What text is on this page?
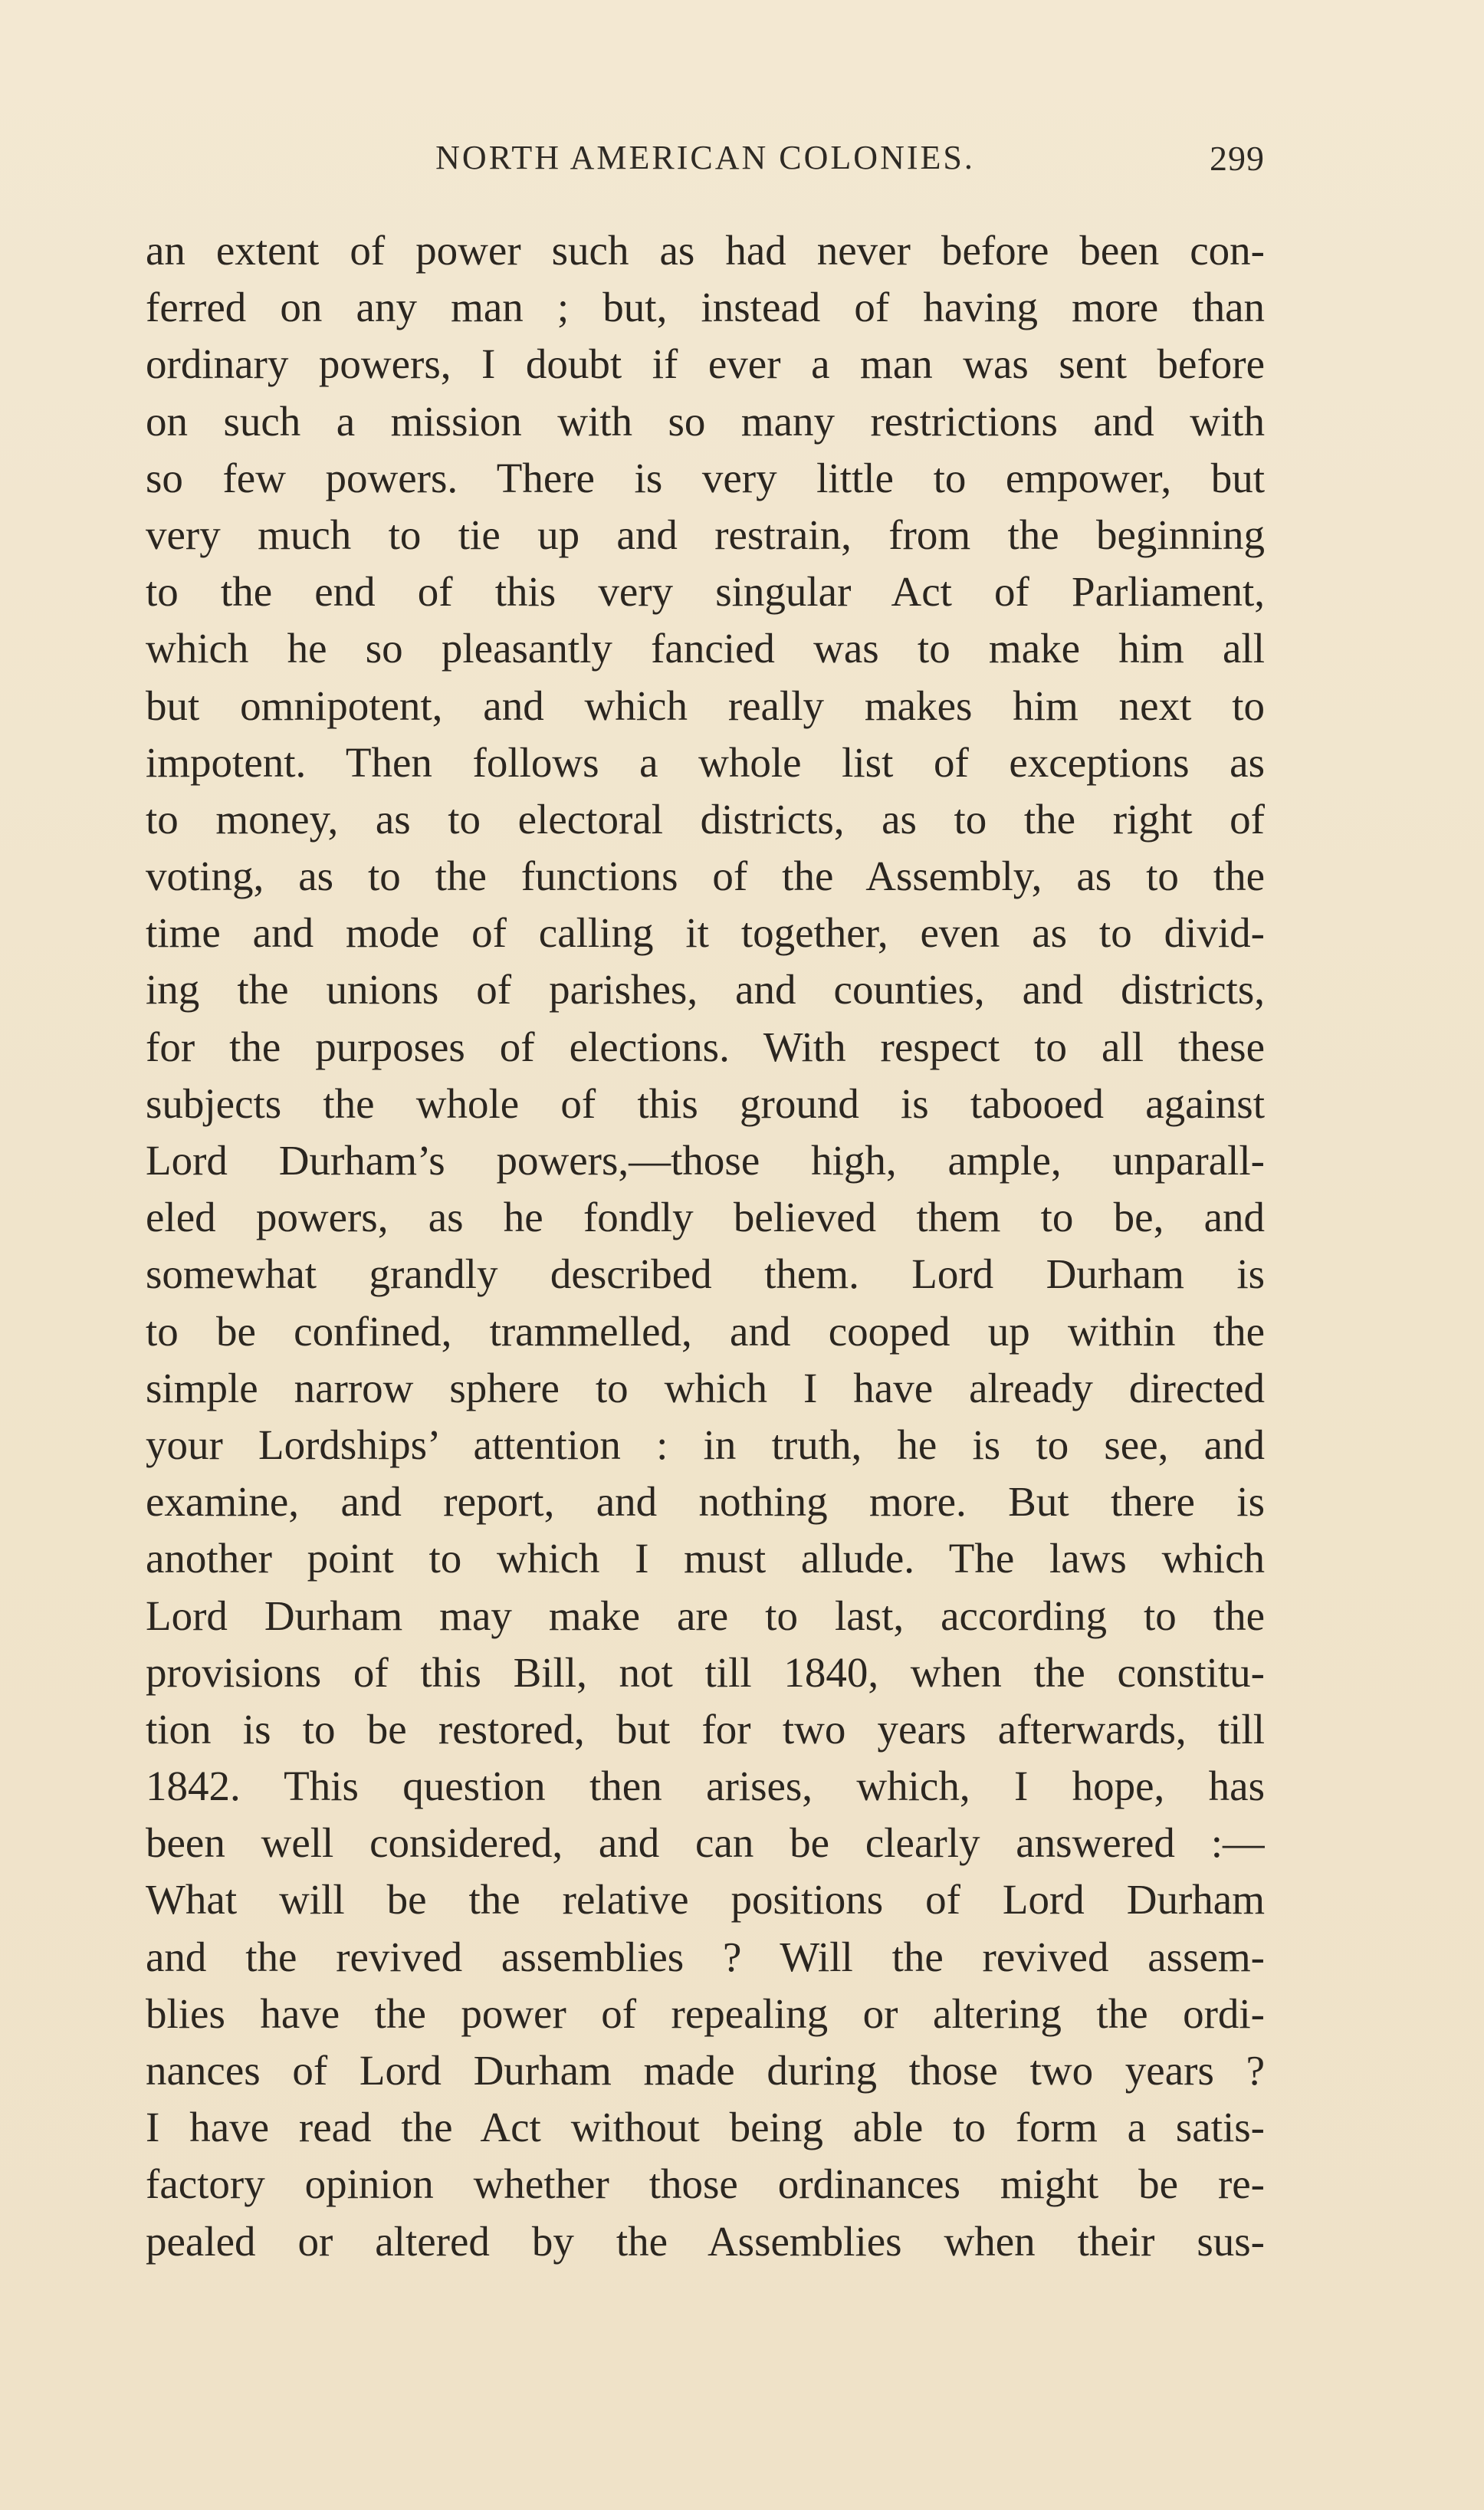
NORTH AMERICAN COLONIES.	299
an extent of power such as had never before been con-
ferred on any man ; but, instead of having more than
ordinary powers, I doubt if ever a man was sent before
on such a mission with so many restrictions and with
so few powers. There is very little to empower, but
very much to tie up and restrain, from the beginning
to the end of this very singular Act of Parliament,
which he so pleasantly fancied was to make him all
but omnipotent, and which really makes him next to
impotent. Then follows a whole list of exceptions as
to money, as to electoral districts, as to the right of
voting, as to the functions of the Assembly, as to the
time and mode of calling it together, even as to divid-
ing the unions of parishes, and counties, and districts,
for the purposes of elections. With respect to all these
subjects the whole of this ground is tabooed against
Lord Durham’s powers,—those high, ample, unparall-
eled powers, as he fondly believed them to be, and
somewhat grandly described them. Lord Durham is
to be confined, trammelled, and cooped up within the
simple narrow sphere to which I have already directed
your Lordships’ attention : in truth, he is to see, and
examine, and report, and nothing more. But there is
another point to which I must allude. The laws which
Lord Durham may make are to last, according to the
provisions of this Bill, not till 1840, when the constitu-
tion is to be restored, but for two years afterwards, till
1842. This question then arises, which, I hope, has
been well considered, and can be clearly answered :—
What will be the relative positions of Lord Durham
and the revived assemblies ? Will the revived assem-
blies have the power of repealing or altering the ordi-
nances of Lord Durham made during those two years ?
I have read the Act without being able to form a satis-
factory opinion whether those ordinances might be re-
pealed or altered by the Assemblies when their sus-
